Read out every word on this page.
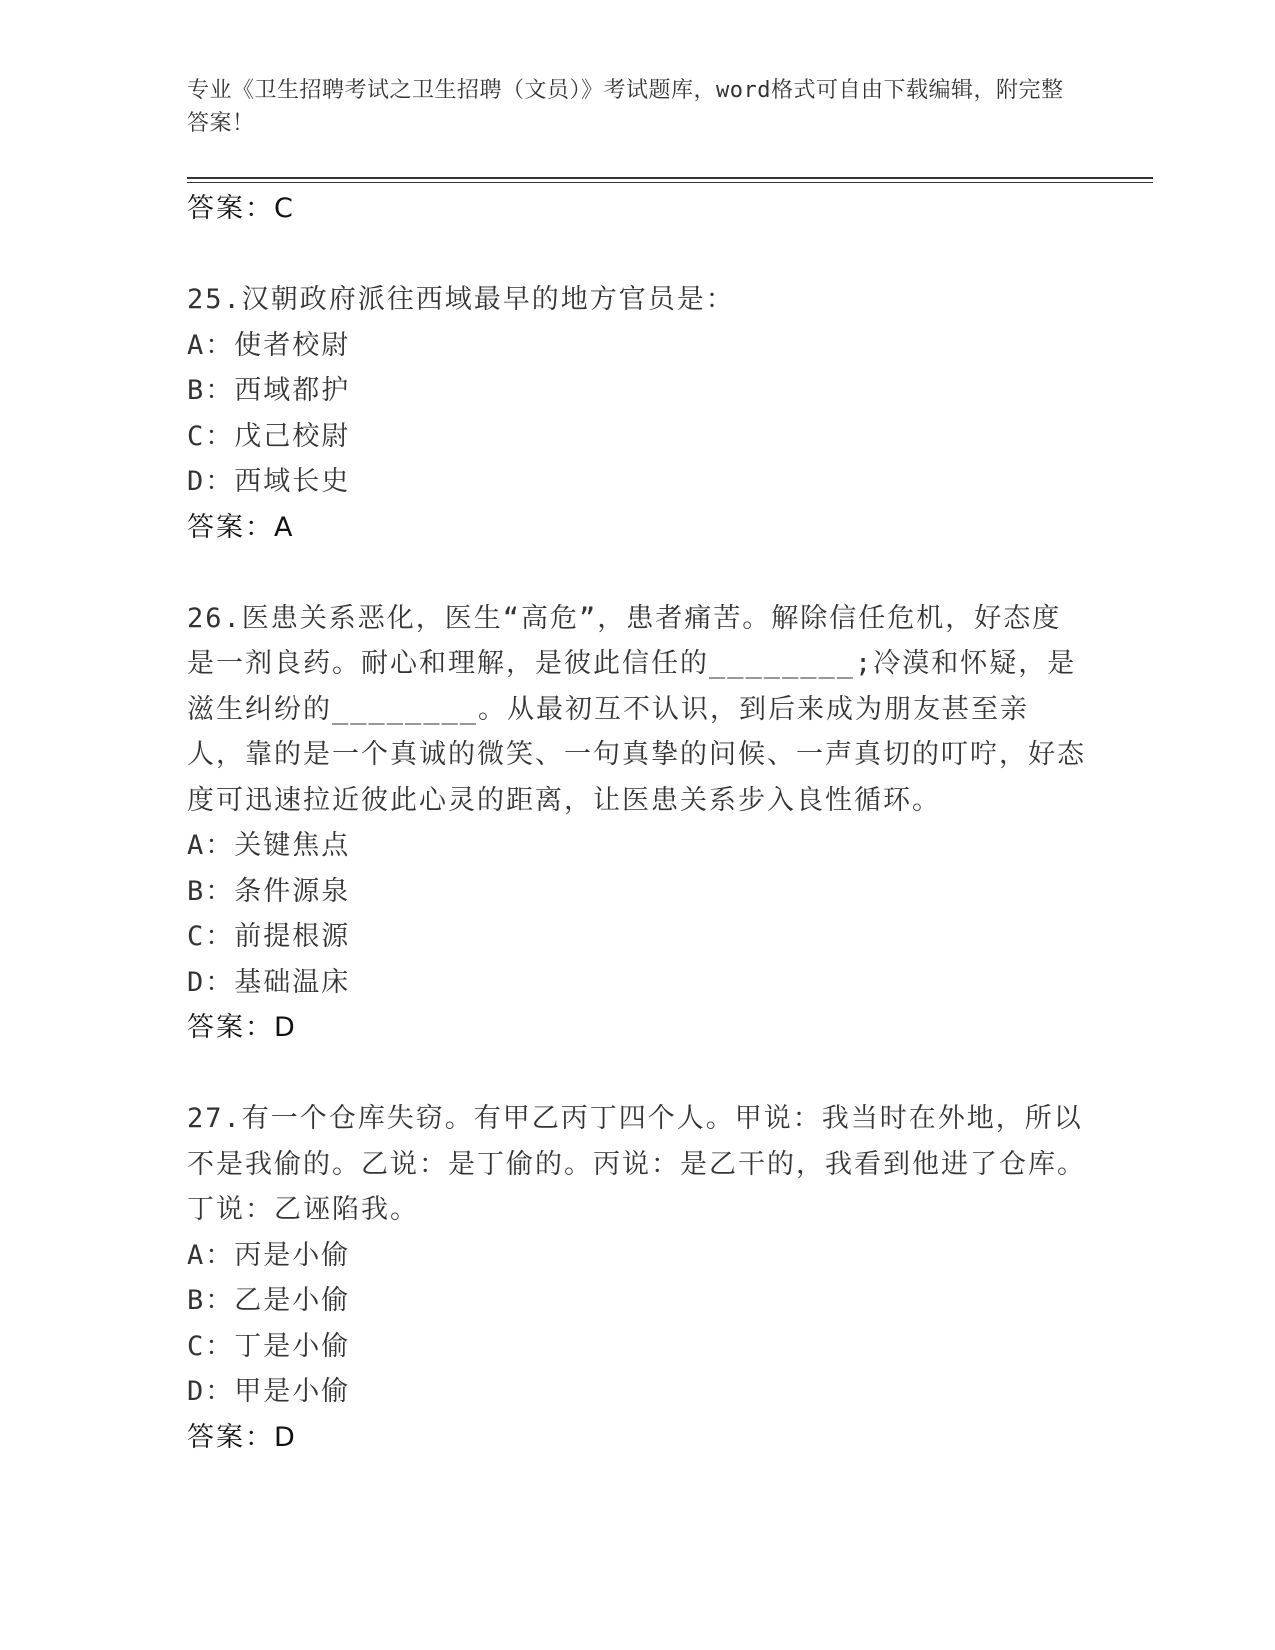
专业《卫生招聘考试之卫生招聘（文员）》考试题库，word格式可自由下载编辑，附完整答案！
答案：C

25.汉朝政府派往西域最早的地方官员是：

A：使者校尉
B：西域都护
C：戊己校尉
D：西域长史
答案：A

26.医患关系恶化，医生“高危”，患者痛苦。解除信任危机，好态度是一剂良药。耐心和理解，是彼此信任的________;冷漠和怀疑，是滋生纠纷的________。从最初互不认识，到后来成为朋友甚至亲人，靠的是一个真诚的微笑、一句真挚的问候、一声真切的叮咛，好态度可迅速拉近彼此心灵的距离，让医患关系步入良性循环。

A：关键焦点
B：条件源泉
C：前提根源
D：基础温床
答案：D

27.有一个仓库失窃。有甲乙丙丁四个人。甲说：我当时在外地，所以不是我偷的。乙说：是丁偷的。丙说：是乙干的，我看到他进了仓库。丁说：乙诬陷我。

A：丙是小偷
B：乙是小偷
C：丁是小偷
D：甲是小偷
答案：D
